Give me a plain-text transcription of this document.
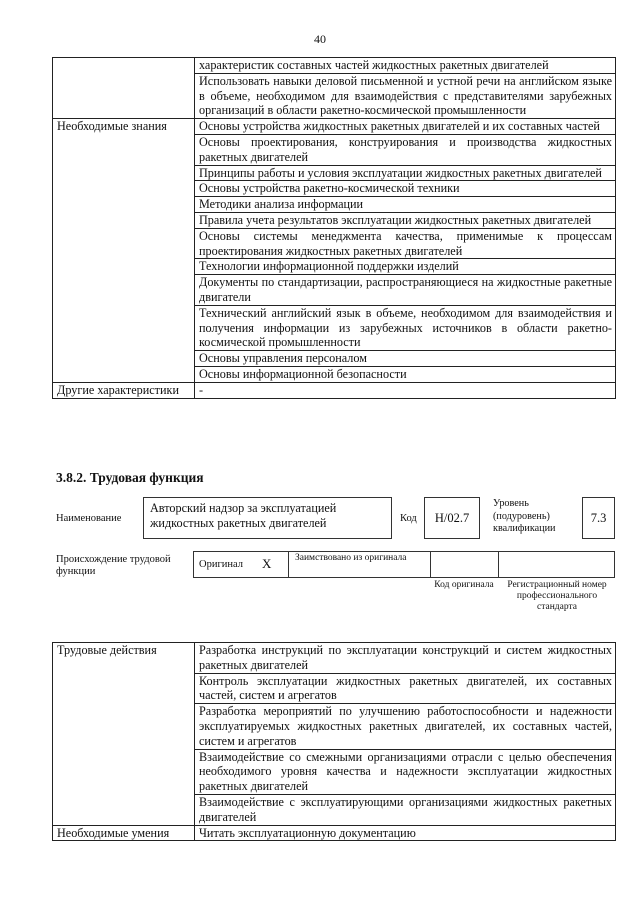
40
	характеристик составных частей жидкостных ракетных двигателей
	Использовать навыки деловой письменной и устной речи на английском языке в объеме, необходимом для взаимодействия с представителями зарубежных организаций в области ракетно-космической промышленности
Необходимые знания	Основы устройства жидкостных ракетных двигателей и их составных частей
	Основы проектирования, конструирования и производства жидкостных ракетных двигателей
	Принципы работы и условия эксплуатации жидкостных ракетных двигателей
	Основы устройства ракетно-космической техники
	Методики анализа информации
	Правила учета результатов эксплуатации жидкостных ракетных двигателей
	Основы системы менеджмента качества, применимые к процессам проектирования жидкостных ракетных двигателей
	Технологии информационной поддержки изделий
	Документы по стандартизации, распространяющиеся на жидкостные ракетные двигатели
	Технический английский язык в объеме, необходимом для взаимодействия и получения информации из зарубежных источников в области ракетно-космической промышленности
	Основы управления персоналом
	Основы информационной безопасности
Другие характеристики	-
3.8.2. Трудовая функция
Наименование
Авторский надзор за эксплуатацией жидкостных ракетных двигателей	Код	H/02.7
Уровень (подуровень) квалификации
7.3
Происхождение трудовой функции
Оригинал X Заимствовано из оригинала
Код оригинала Регистрационный номер профессионального стандарта
Трудовые действия	Разработка инструкций по эксплуатации конструкций и систем жидкостных ракетных двигателей
	Контроль эксплуатации жидкостных ракетных двигателей, их составных частей, систем и агрегатов
	Разработка мероприятий по улучшению работоспособности и надежности эксплуатируемых жидкостных ракетных двигателей, их составных частей, систем и агрегатов
	Взаимодействие со смежными организациями отрасли с целью обеспечения необходимого уровня качества и надежности эксплуатации жидкостных ракетных двигателей
	Взаимодействие с эксплуатирующими организациями жидкостных ракетных двигателей
Необходимые умения	Читать эксплуатационную документацию
